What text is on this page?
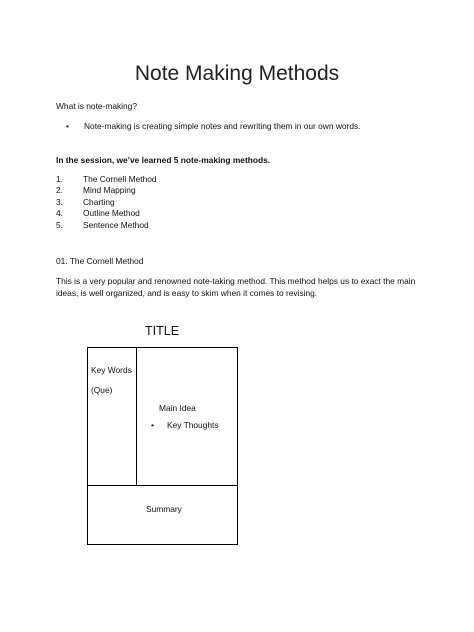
Note Making Methods
What is note-making?
• Note-making is creating simple notes and rewriting them in our own words.
In the session, we’ve learned 5 note-making methods.
1. The Cornell Method
2. Mind Mapping
3. Charting
4. Outline Method
5. Sentence Method
01. The Cornell Method
This is a very popular and renowned note-taking method. This method helps us to exact the main ideas, is well organized, and is easy to skim when it comes to revising.
TITLE
Key Words
(Que)
Main Idea
• Key Thoughts
Summary
